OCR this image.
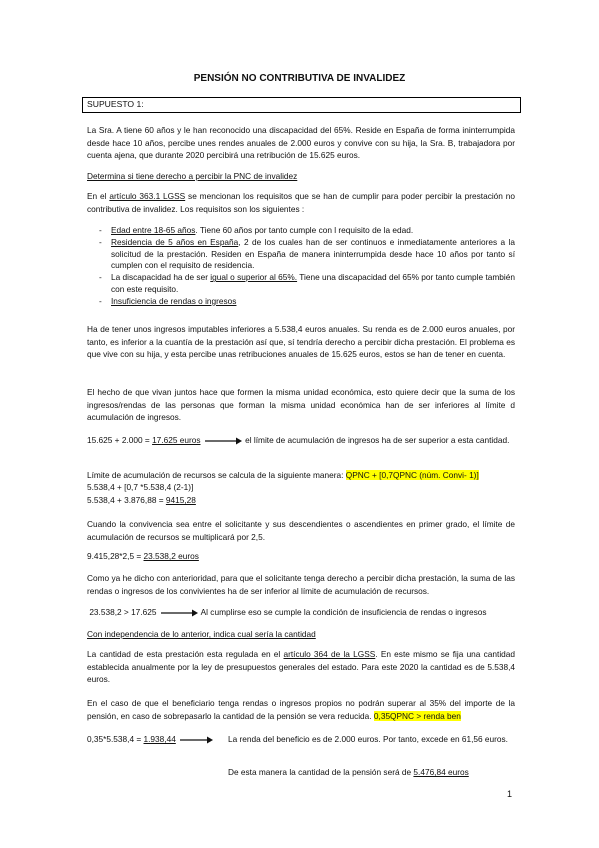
PENSIÓN NO CONTRIBUTIVA DE INVALIDEZ
SUPUESTO 1:

La Sra. A tiene 60 años y le han reconocido una discapacidad del 65%. Reside en España de forma ininterrumpida desde hace 10 años, percibe unes rendes anuales de 2.000 euros y convive con su hija, la Sra. B, trabajadora por cuenta ajena, que durante 2020 percibirá una retribución de 15.625 euros.

Determina si tiene derecho a percibir la PNC de invalidez

En el artículo 363.1 LGSS se mencionan los requisitos que se han de cumplir para poder percibir la prestación no contributiva de invalidez. Los requisitos son los siguientes :

- Edad entre 18-65 años. Tiene 60 años por tanto cumple con l requisito de la edad.
- Residencia de 5 años en España, 2 de los cuales han de ser continuos e inmediatamente anteriores a la solicitud de la prestación. Residen en España de manera ininterrumpida desde hace 10 años por tanto sí cumplen con el requisito de residencia.
- La discapacidad ha de ser igual o superior al 65%. Tiene una discapacidad del 65% por tanto cumple también con este requisito.
- Insuficiencia de rendas o ingresos

Ha de tener unos ingresos imputables inferiores a 5.538,4 euros anuales. Su renda es de 2.000 euros anuales, por tanto, es inferior a la cuantía de la prestación así que, sí tendría derecho a percibir dicha prestación. El problema es que vive con su hija, y esta percibe unas retribuciones anuales de 15.625 euros, estos se han de tener en cuenta.

El hecho de que vivan juntos hace que formen la misma unidad económica, esto quiere decir que la suma de los ingresos/rendas de las personas que forman la misma unidad económica han de ser inferiores al límite d acumulación de ingresos.

15.625 + 2.000 = 17.625 euros	el límite de acumulación de ingresos ha de ser superior a esta cantidad.

Límite de acumulación de recursos se calcula de la siguiente manera: QPNC + [0,7QPNC (núm. Convi- 1)]

5.538,4 + [0,7 *5.538,4 (2-1)]

5.538,4 + 3.876,88 = 9415,28

Cuando la convivencia sea entre el solicitante y sus descendientes o ascendientes en primer grado, el límite de acumulación de recursos se multiplicará por 2,5.

9.415,28*2,5 = 23.538,2 euros

Como ya he dicho con anterioridad, para que el solicitante tenga derecho a percibir dicha prestación, la suma de las rendas o ingresos de los convivientes ha de ser inferior al límite de acumulación de recursos.

23.538,2 > 17.625	Al cumplirse eso se cumple la condición de insuficiencia de rendas o ingresos

Con independencia de lo anterior, indica cual sería la cantidad

La cantidad de esta prestación esta regulada en el artículo 364 de la LGSS. En este mismo se fija una cantidad establecida anualmente por la ley de presupuestos generales del estado. Para este 2020 la cantidad es de 5.538,4 euros.

En el caso de que el beneficiario tenga rendas o ingresos propios no podrán superar al 35% del importe de la pensión, en caso de sobrepasarlo la cantidad de la pensión se vera reducida. 0,35QPNC > renda ben

0,35*5.538,4 = 1.938,44	La renda del beneficio es de 2.000 euros. Por tanto, excede en 61,56 euros.

De esta manera la cantidad de la pensión será de 5.476,84 euros

1
